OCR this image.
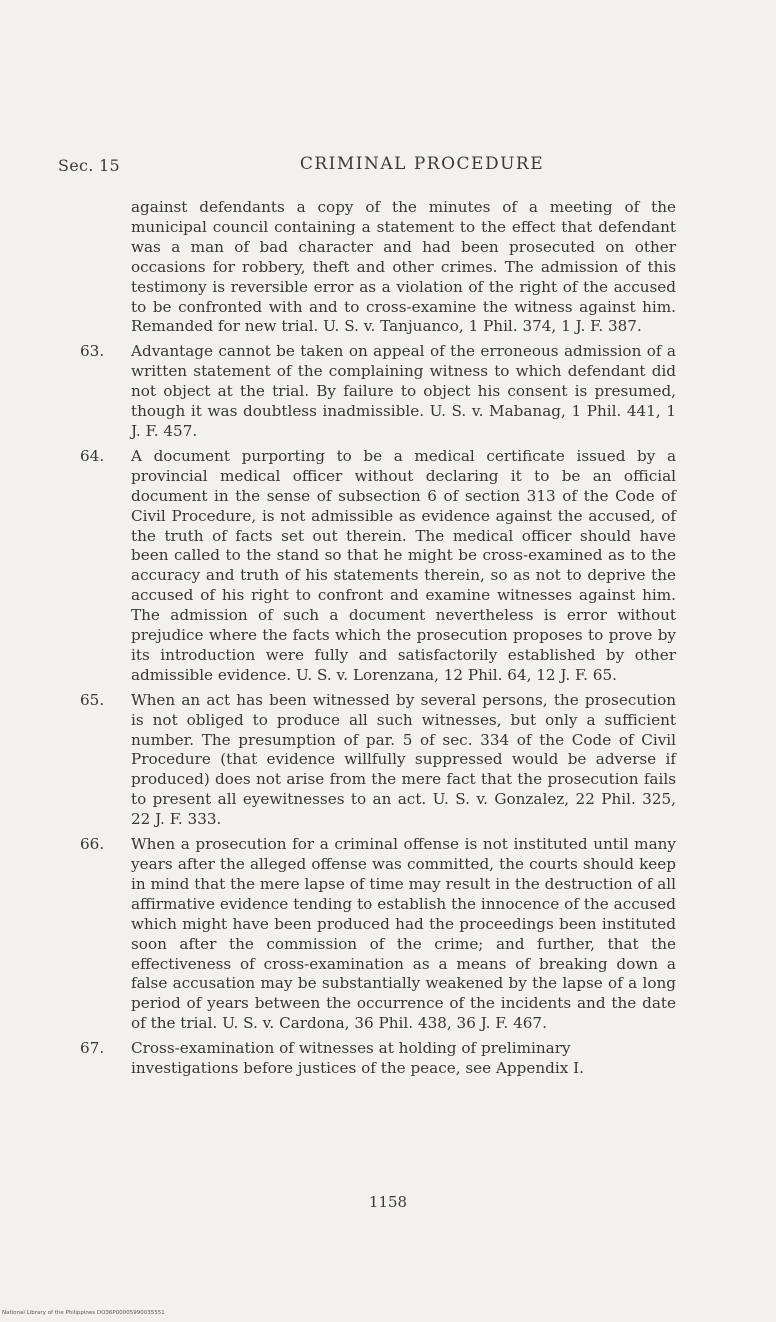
Sec. 15	CRIMINAL PROCEDURE

against defendants a copy of the minutes of a meeting of the municipal council containing a statement to the effect that defendant was a man of bad character and had been prosecuted on other occasions for robbery, theft and other crimes. The admission of this testimony is reversible error as a violation of the right of the accused to be confronted with and to cross-examine the witness against him. Remanded for new trial. U. S. v. Tanjuanco, 1 Phil. 374, 1 J. F. 387.

63. Advantage cannot be taken on appeal of the erroneous admission of a written statement of the complaining witness to which defendant did not object at the trial. By failure to object his consent is presumed, though it was doubtless inadmissible. U. S. v. Mabanag, 1 Phil. 441, 1 J. F. 457.

64. A document purporting to be a medical certificate issued by a provincial medical officer without declaring it to be an official document in the sense of subsection 6 of section 313 of the Code of Civil Procedure, is not admissible as evidence against the accused, of the truth of facts set out therein. The medical officer should have been called to the stand so that he might be cross-examined as to the accuracy and truth of his statements therein, so as not to deprive the accused of his right to confront and examine witnesses against him. The admission of such a document nevertheless is error without prejudice where the facts which the prosecution proposes to prove by its introduction were fully and satisfactorily established by other admissible evidence. U. S. v. Lorenzana, 12 Phil. 64, 12 J. F. 65.

65. When an act has been witnessed by several persons, the prosecution is not obliged to produce all such witnesses, but only a sufficient number. The presumption of par. 5 of sec. 334 of the Code of Civil Procedure (that evidence willfully suppressed would be adverse if produced) does not arise from the mere fact that the prosecution fails to present all eyewitnesses to an act. U. S. v. Gonzalez, 22 Phil. 325, 22 J. F. 333.

66. When a prosecution for a criminal offense is not instituted until many years after the alleged offense was committed, the courts should keep in mind that the mere lapse of time may result in the destruction of all affirmative evidence tending to establish the innocence of the accused which might have been produced had the proceedings been instituted soon after the commission of the crime; and further, that the effectiveness of cross-examination as a means of breaking down a false accusation may be substantially weakened by the lapse of a long period of years between the occurrence of the incidents and the date of the trial. U. S. v. Cardona, 36 Phil. 438, 36 J. F. 467.

67. Cross-examination of witnesses at holding of preliminary investigations before justices of the peace, see Appendix I.

1158
National Library of the Philippines DO36P00005990035551
